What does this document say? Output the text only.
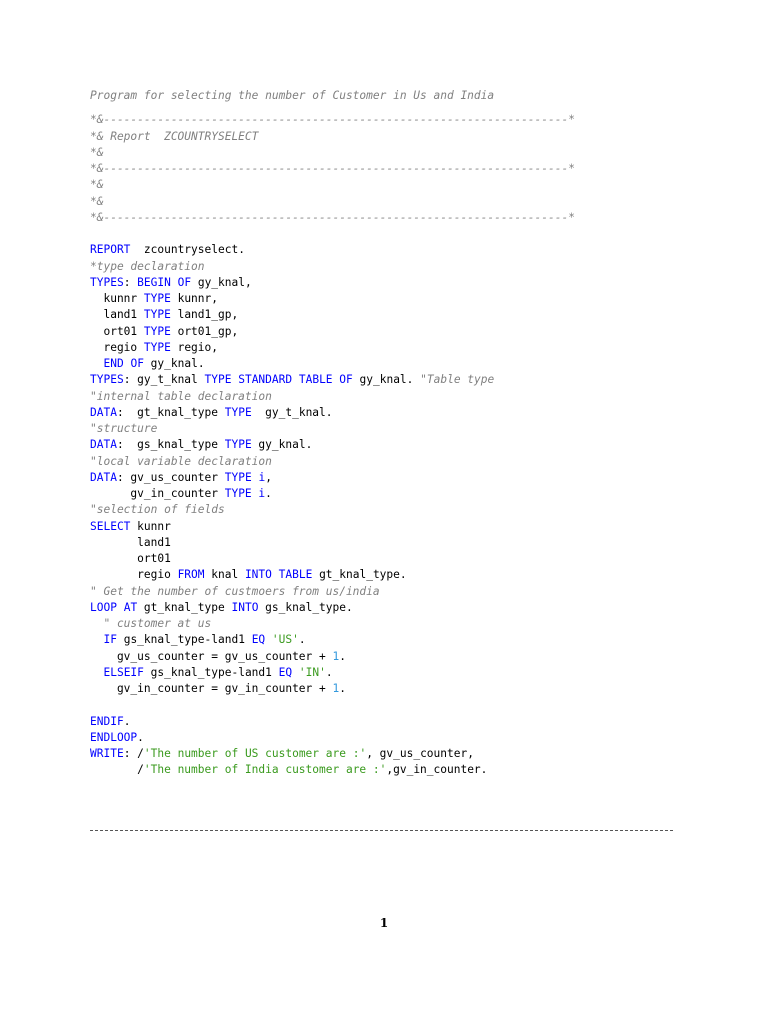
Program for selecting the number of Customer in Us and India
*&---------------------------------------------------------------------*
*& Report  ZCOUNTRYSELECT
*&
*&---------------------------------------------------------------------*
*&
*&
*&---------------------------------------------------------------------*
REPORT  zcountryselect.
*type declaration
TYPES: BEGIN OF gy_knal,
kunnr TYPE kunnr,
land1 TYPE land1_gp,
ort01 TYPE ort01_gp,
regio TYPE regio,
END OF gy_knal.
TYPES: gy_t_knal TYPE STANDARD TABLE OF gy_knal. "Table type
"internal table declaration
DATA:  gt_knal_type TYPE  gy_t_knal.
"structure
DATA:  gs_knal_type TYPE gy_knal.
"local variable declaration
DATA: gv_us_counter TYPE i,
gv_in_counter TYPE i.
"selection of fields
SELECT kunnr
land1
ort01
regio FROM knal INTO TABLE gt_knal_type.
" Get the number of custmoers from us/india
LOOP AT gt_knal_type INTO gs_knal_type.
" customer at us
IF gs_knal_type-land1 EQ 'US'.
gv_us_counter = gv_us_counter + 1.
ELSEIF gs_knal_type-land1 EQ 'IN'.
gv_in_counter = gv_in_counter + 1.
ENDIF.
ENDLOOP.
WRITE: /'The number of US customer are :', gv_us_counter,
/'The number of India customer are :',gv_in_counter.
1
